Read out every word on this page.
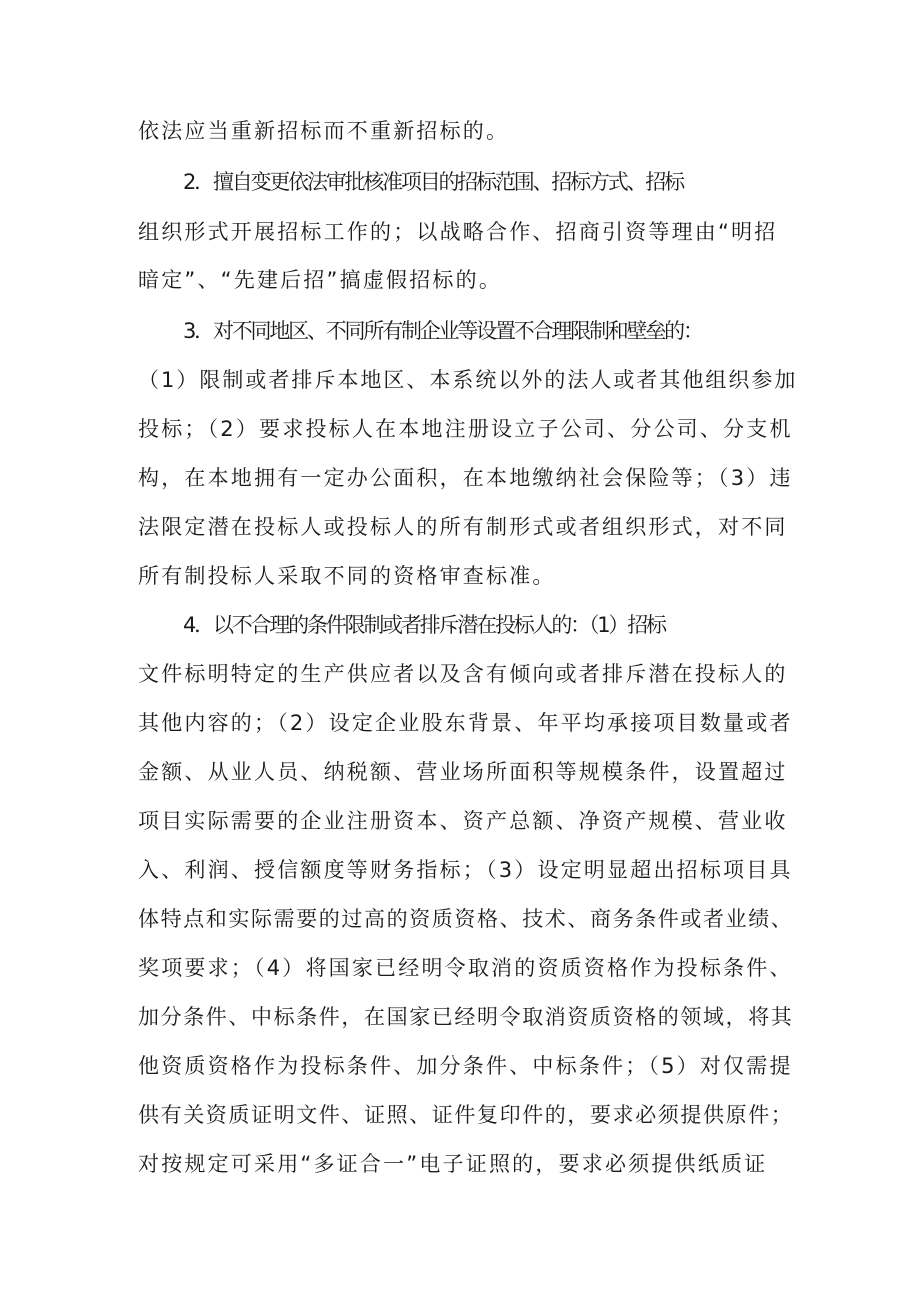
依法应当重新招标而不重新招标的。
2．擅自变更依法审批核准项目的招标范围、招标方式、招标
组织形式开展招标工作的；以战略合作、招商引资等理由“明招
暗定”、“先建后招”搞虚假招标的。
3．对不同地区、不同所有制企业等设置不合理限制和壁垒的：
（1）限制或者排斥本地区、本系统以外的法人或者其他组织参加
投标；（2）要求投标人在本地注册设立子公司、分公司、分支机
构，在本地拥有一定办公面积，在本地缴纳社会保险等；（3）违
法限定潜在投标人或投标人的所有制形式或者组织形式，对不同
所有制投标人采取不同的资格审查标准。
4．以不合理的条件限制或者排斥潜在投标人的：（1）招标
文件标明特定的生产供应者以及含有倾向或者排斥潜在投标人的
其他内容的；（2）设定企业股东背景、年平均承接项目数量或者
金额、从业人员、纳税额、营业场所面积等规模条件，设置超过
项目实际需要的企业注册资本、资产总额、净资产规模、营业收
入、利润、授信额度等财务指标；（3）设定明显超出招标项目具
体特点和实际需要的过高的资质资格、技术、商务条件或者业绩、
奖项要求；（4）将国家已经明令取消的资质资格作为投标条件、
加分条件、中标条件，在国家已经明令取消资质资格的领域，将其
他资质资格作为投标条件、加分条件、中标条件；（5）对仅需提
供有关资质证明文件、证照、证件复印件的，要求必须提供原件；
对按规定可采用“多证合一”电子证照的，要求必须提供纸质证
